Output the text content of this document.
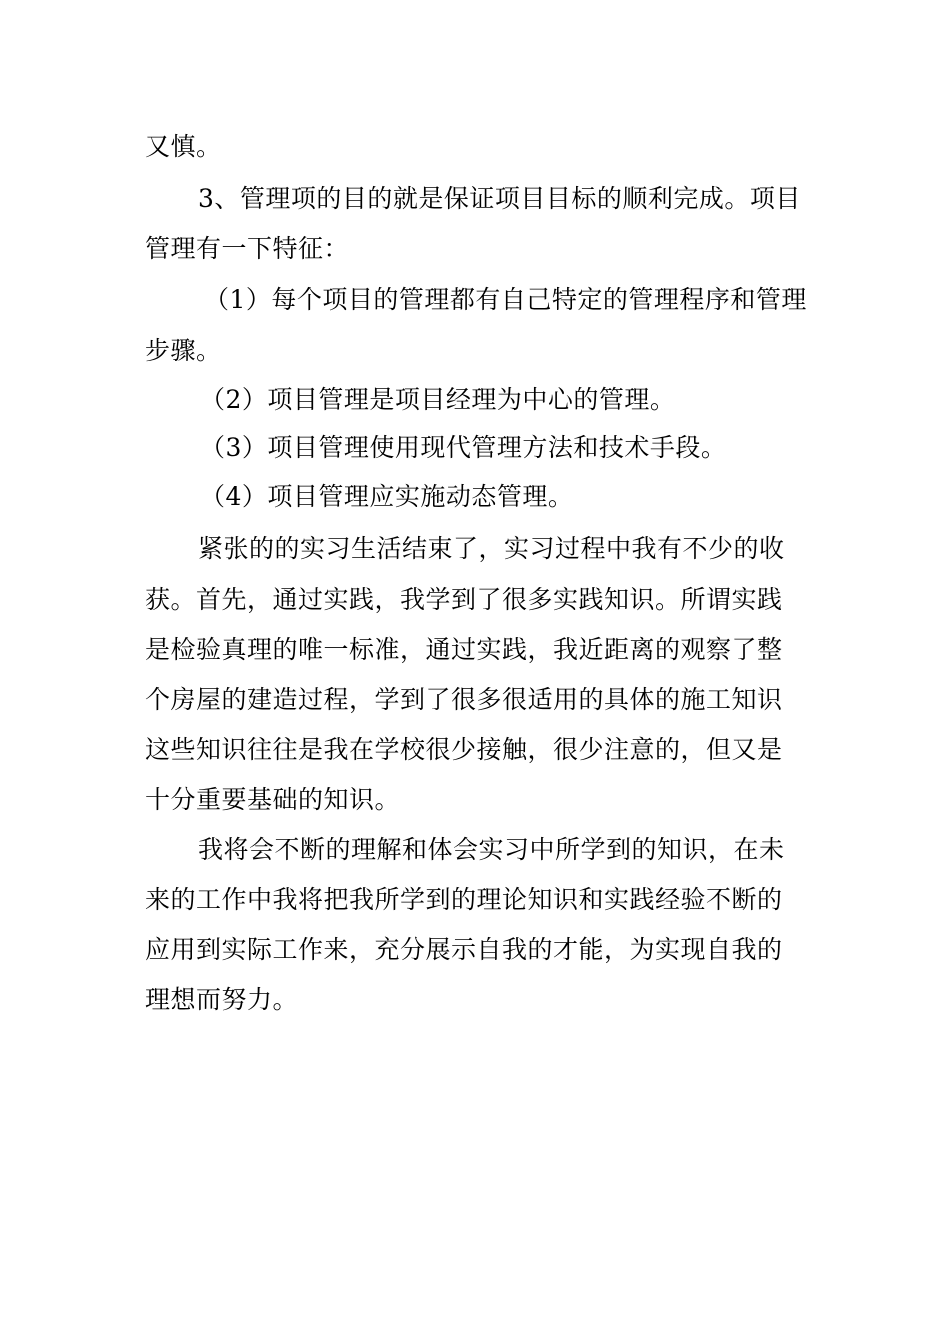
又慎。
3、管理项的目的就是保证项目目标的顺利完成。项目
管理有一下特征：
（1）每个项目的管理都有自己特定的管理程序和管理
步骤。
（2）项目管理是项目经理为中心的管理。
（3）项目管理使用现代管理方法和技术手段。
（4）项目管理应实施动态管理。
紧张的的实习生活结束了，实习过程中我有不少的收
获。首先，通过实践，我学到了很多实践知识。所谓实践
是检验真理的唯一标准，通过实践，我近距离的观察了整
个房屋的建造过程，学到了很多很适用的具体的施工知识
这些知识往往是我在学校很少接触，很少注意的，但又是
十分重要基础的知识。
我将会不断的理解和体会实习中所学到的知识，在未
来的工作中我将把我所学到的理论知识和实践经验不断的
应用到实际工作来，充分展示自我的才能，为实现自我的
理想而努力。
